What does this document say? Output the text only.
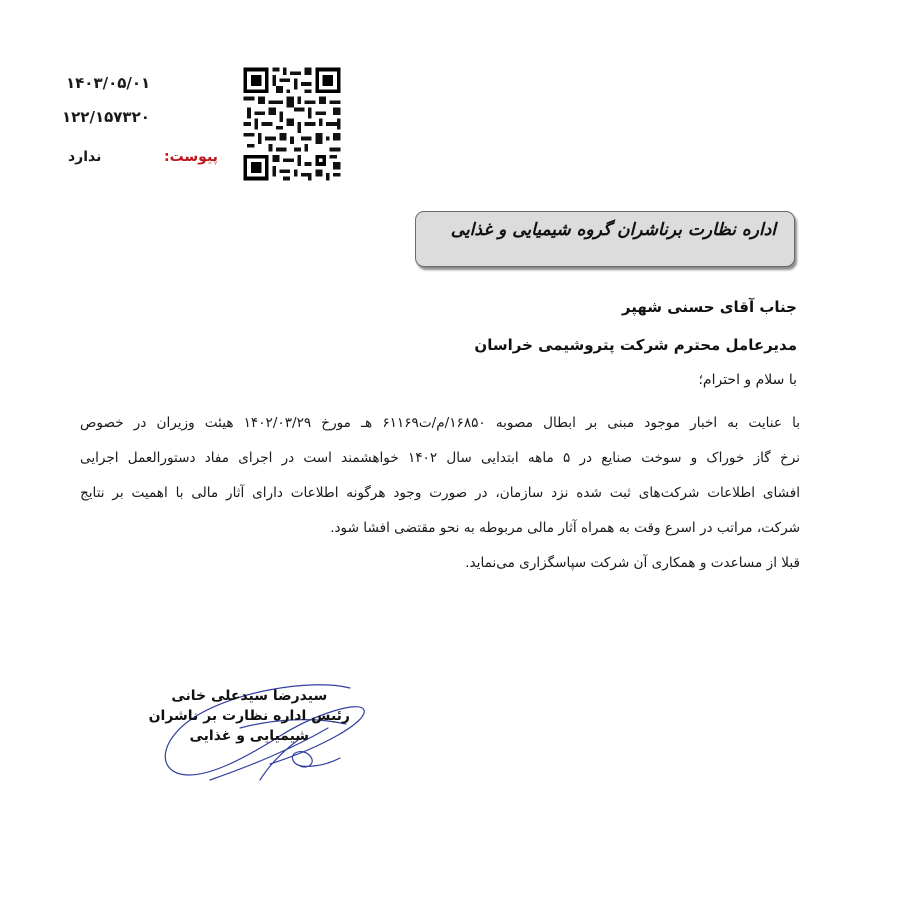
۱۴۰۳/۰۵/۰۱
۱۲۲/۱۵۷۳۲۰
پیوست:
ندارد
اداره نظارت برناشران گروه شیمیایی و غذایی
جناب آقای حسنی شهپر
مدیرعامل محترم شرکت پتروشیمی خراسان
با سلام و احترام؛
با عنایت به اخبار موجود مبنی بر ابطال مصوبه ۱۶۸۵۰/م/ت۶۱۱۶۹ هـ مورخ ۱۴۰۲/۰۳/۲۹ هیئت وزیران در خصوص
نرخ گاز خوراک و سوخت صنایع در ۵ ماهه ابتدایی سال ۱۴۰۲ خواهشمند است در اجرای مفاد دستورالعمل اجرایی
افشای اطلاعات شرکت‌های ثبت شده نزد سازمان، در صورت وجود هرگونه اطلاعات دارای آثار مالی با اهمیت بر نتایج
شرکت، مراتب در اسرع وقت به همراه آثار مالی مربوطه به نحو مقتضی افشا شود.
قبلا از مساعدت و همکاری آن شرکت سپاسگزاری می‌نماید.
سیدرضا سیدعلی خانی
رئیس اداره نظارت بر ناشران
شیمیایی و غذایی
